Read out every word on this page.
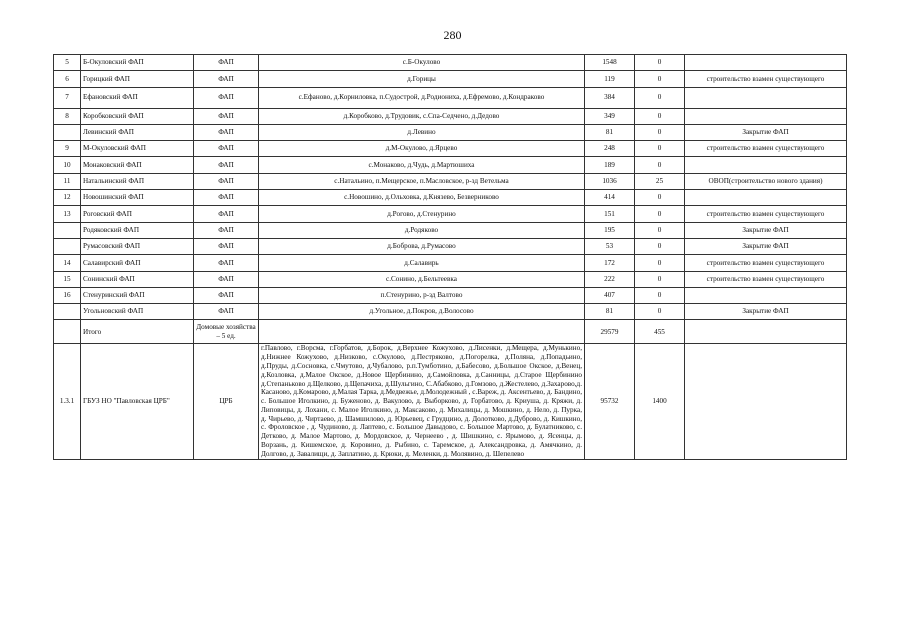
280
5	Б-Окуловский ФАП	ФАП	с.Б-Окулово	1548	0	
6	Горицкий ФАП	ФАП	д.Горицы	119	0	строительство взамен существующего
7	Ефановский ФАП	ФАП	с.Ефаново, д.Корниловка, п.Судострой, д.Родиониха, д.Ефремово, д.Кондраково	384	0	
8	Коробковский ФАП	ФАП	д.Коробково, д.Трудовик, с.Спа-Седчено, д.Дедово	349	0	
	Левинский ФАП	ФАП	д.Левино	81	0	Закрытие ФАП
9	М-Окуловский ФАП	ФАП	д.М-Окулово, д.Ярцево	248	0	строительство взамен существующего
10	Монаковский ФАП	ФАП	с.Монаково, д.Чудь, д.Мартюшиха	189	0	
11	Натальинский ФАП	ФАП	с.Натальино, п.Мещерское, п.Масловское, р-зд Ветельма	1036	25	ОВОП(строительство нового здания)
12	Новошинский ФАП	ФАП	с.Новошино, д.Ольховка, д.Князево, Безверниково	414	0	
13	Роговский ФАП	ФАП	д.Рогово, д.Стенурино	151	0	строительство взамен существующего
	Родяковский ФАП	ФАП	д.Родяково	195	0	Закрытие ФАП
	Румасовский ФАП	ФАП	д.Боброва, д.Румасово	53	0	Закрытие ФАП
14	Салавирский ФАП	ФАП	д.Салавирь	172	0	строительство взамен существующего
15	Сонинский ФАП	ФАП	с.Сонино, д.Бельтеевка	222	0	строительство взамен существующего
16	Стенуринский ФАП	ФАП	п.Стенурино, р-зд Валтово	407	0	
	Угольновский ФАП	ФАП	д.Угольное, д.Покров, д.Волосово	81	0	Закрытие ФАП
	Итого	Домовые хозяйства – 5 ед.		29579	455	
1.3.1	ГБУЗ НО "Павловская ЦРБ"	ЦРБ	г.Павлово, г.Ворсма, г.Горбатов, д.Борок, д.Верхнее Кожухово, д.Лисенки, д.Мещера, д.Мунькино, д.Нижнее Кожухово, д.Низково, с.Окулово, д.Пестряково, д.Погорелка, д.Поляна, д.Попадьино, д.Пруды, д.Сосновка, с.Чмутово, д.Чубалово, р.п.Тумботино, д.Бабесово, д.Большое Окское, д.Венец, д.Козловка, д.Малое Окское, д.Новое Щербинино, д.Самойловка, д.Санницы, д.Старое Щербинино д.Степаньково д.Щелково, д.Щепачиха, д.Шульгино, С.Абабково, д.Гомзово, д.Жестелево, д.Захарово,д. Касаново, д.Комарово, д.Малая Тарка, д.Медвежье, д.Молодежный , с.Вареж, д. Аксентьево, д. Бандино, с. Большое Иголкино, д. Буженово, д. Вакулово, д. Выборково, д. Горбатово, д. Криуша, д. Кряжи, д. Липовицы, д. Лохани, с. Малое Иголкино, д. Максаково, д. Михалицы, д. Мошкино, д. Нело, д. Пурка, д. Чирьево, д. Чиртаево, д. Шамшилово, д. Юрьевец, с Грудцино, д. Долотково, д.Дуброво, д. Кишкино, с. Фроловское , д. Чудиново, д. Лаптево, с. Большое Давыдово, с. Большое Мартово, д. Булатниково, с. Детково, д. Малое Мартово, д. Мордовское, д. Чернеево , д. Шишкино, с. Ярымово, д. Ясенцы, д. Ворзань, д. Кишемское, д. Коровино, д. Рыбино, с. Таремское, д. Александровка, д. Амячкино, д. Долгово, д. Завалищи, д. Заплатино, д. Крюки, д. Меленки, д. Молявино, д. Шепелево	95732	1400	
